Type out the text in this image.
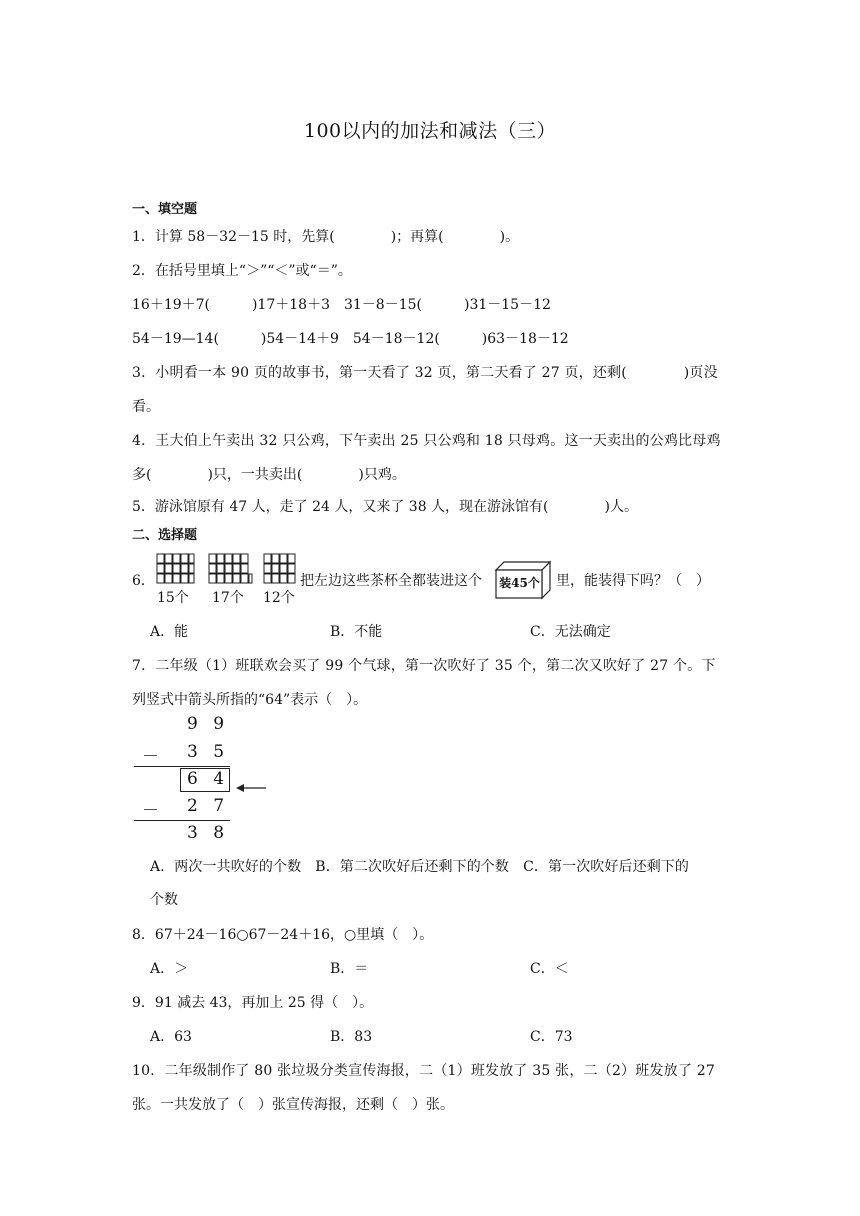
100以内的加法和减法（三）
一、填空题
1．计算 58－32－15 时，先算(　　　　)；再算(　　　　)。
2．在括号里填上“＞”“＜”或“＝”。
16＋19＋7(　　　)17＋18＋3　31－8－15(　　　)31－15－12
54－19—14(　　　)54－14＋9　54－18－12(　　　)63－18－12
3．小明看一本 90 页的故事书，第一天看了 32 页，第二天看了 27 页，还剩(　　　　)页没
看。
4．王大伯上午卖出 32 只公鸡，下午卖出 25 只公鸡和 18 只母鸡。这一天卖出的公鸡比母鸡
多(　　　　)只，一共卖出(　　　　)只鸡。
5．游泳馆原有 47 人，走了 24 人，又来了 38 人，现在游泳馆有(　　　　)人。
二、选择题
6．
15个 17个 12个
把左边这些茶杯全都装进这个 装45个 里，能装得下吗？（　）
A．能	B．不能	C．无法确定
7．二年级（1）班联欢会买了 99 个气球，第一次吹好了 35 个，第二次又吹好了 27 个。下
列竖式中箭头所指的“64”表示（　）。
9 9
－ 3 5
6 4
－ 2 7
3 8
A．两次一共吹好的个数　B．第二次吹好后还剩下的个数　C．第一次吹好后还剩下的
个数
8．67＋24－16○67－24＋16，○里填（　）。
A．＞	B．＝	C．＜
9．91 减去 43，再加上 25 得（　）。
A．63	B．83	C．73
10．二年级制作了 80 张垃圾分类宣传海报，二（1）班发放了 35 张，二（2）班发放了 27
张。一共发放了（　）张宣传海报，还剩（　）张。
